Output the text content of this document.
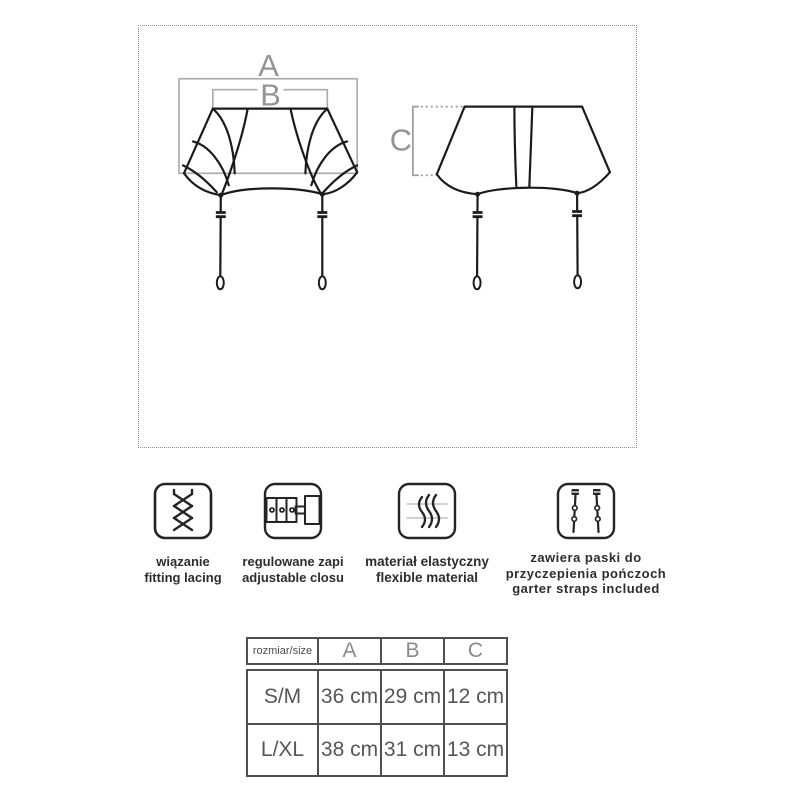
A
B
C
wiązanie
fitting lacing
regulowane zapi
adjustable closu
materiał elastyczny
flexible material
zawiera paski do
przyczepienia pończoch
garter straps included
rozmiar/size	A	B	C
S/M 36 cm 29 cm 12 cm
L/XL 38 cm 31 cm 13 cm
